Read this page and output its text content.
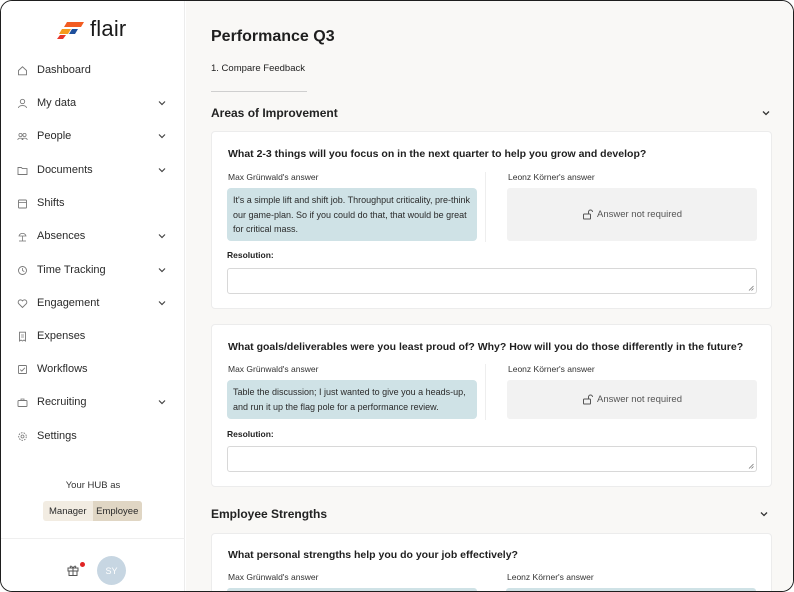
flair
Dashboard
My data
People
Documents
Shifts
Absences
Time Tracking
Engagement
Expenses
Workflows
Recruiting
Settings
Your HUB as
Manager	Employee
SY
Performance Q3
1. Compare Feedback
Areas of Improvement
What 2-3 things will you focus on in the next quarter to help you grow and develop?
Max Grünwald's answer	Leonz Körner's answer
It's a simple lift and shift job. Throughput criticality, pre-think our game-plan. So if you could do that, that would be great for critical mass.
Answer not required
Resolution:
What goals/deliverables were you least proud of? Why? How will you do those differently in the future?
Max Grünwald's answer	Leonz Körner's answer
Table the discussion; I just wanted to give you a heads-up, and run it up the flag pole for a performance review.
Answer not required
Resolution:
Employee Strengths
What personal strengths help you do your job effectively?
Max Grünwald's answer	Leonz Körner's answer
